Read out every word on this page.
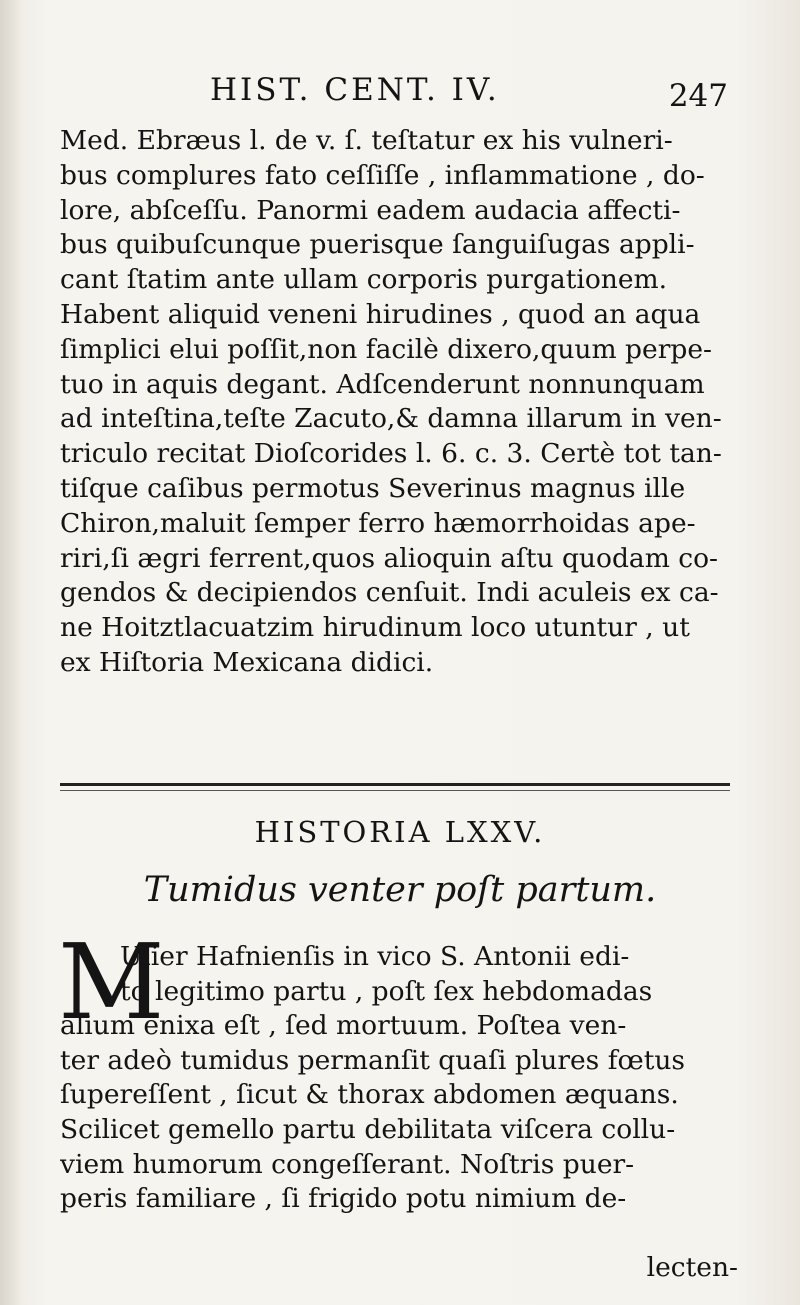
HIST. CENT. IV.	247
Med. Ebræus l. de v. ſ. teſtatur ex his vulneri-
bus complures fato ceſſiſſe , inflammatione , do-
lore, abſceſſu. Panormi eadem audacia affecti-
bus quibuſcunque puerisque ſanguiſugas appli-
cant ſtatim ante ullam corporis purgationem.
Habent aliquid veneni hirudines , quod an aqua
ſimplici elui poſſit,non facilè dixero,quum perpe-
tuo in aquis degant. Adſcenderunt nonnunquam
ad inteſtina,teſte Zacuto,& damna illarum in ven-
triculo recitat Dioſcorides l. 6. c. 3. Certè tot tan-
tiſque caſibus permotus Severinus magnus ille
Chiron,maluit ſemper ferro hæmorrhoidas ape-
riri,ſi ægri ferrent,quos alioquin aſtu quodam co-
gendos & decipiendos cenſuit. Indi aculeis ex ca-
ne Hoitztlacuatzim hirudinum loco utuntur , ut
ex Hiſtoria Mexicana didici.
HISTORIA LXXV.
Tumidus venter poſt partum.
M
Ulier Hafnienſis in vico S. Antonii edi-
to legitimo partu , poſt ſex hebdomadas
alium enixa eſt , ſed mortuum. Poſtea ven-
ter adeò tumidus permanſit quaſi plures fœtus
ſupereſſent , ſicut & thorax abdomen æquans.
Scilicet gemello partu debilitata viſcera collu-
viem humorum congeſſerant. Noſtris puer-
peris familiare , ſi frigido potu nimium de-
lecten-
